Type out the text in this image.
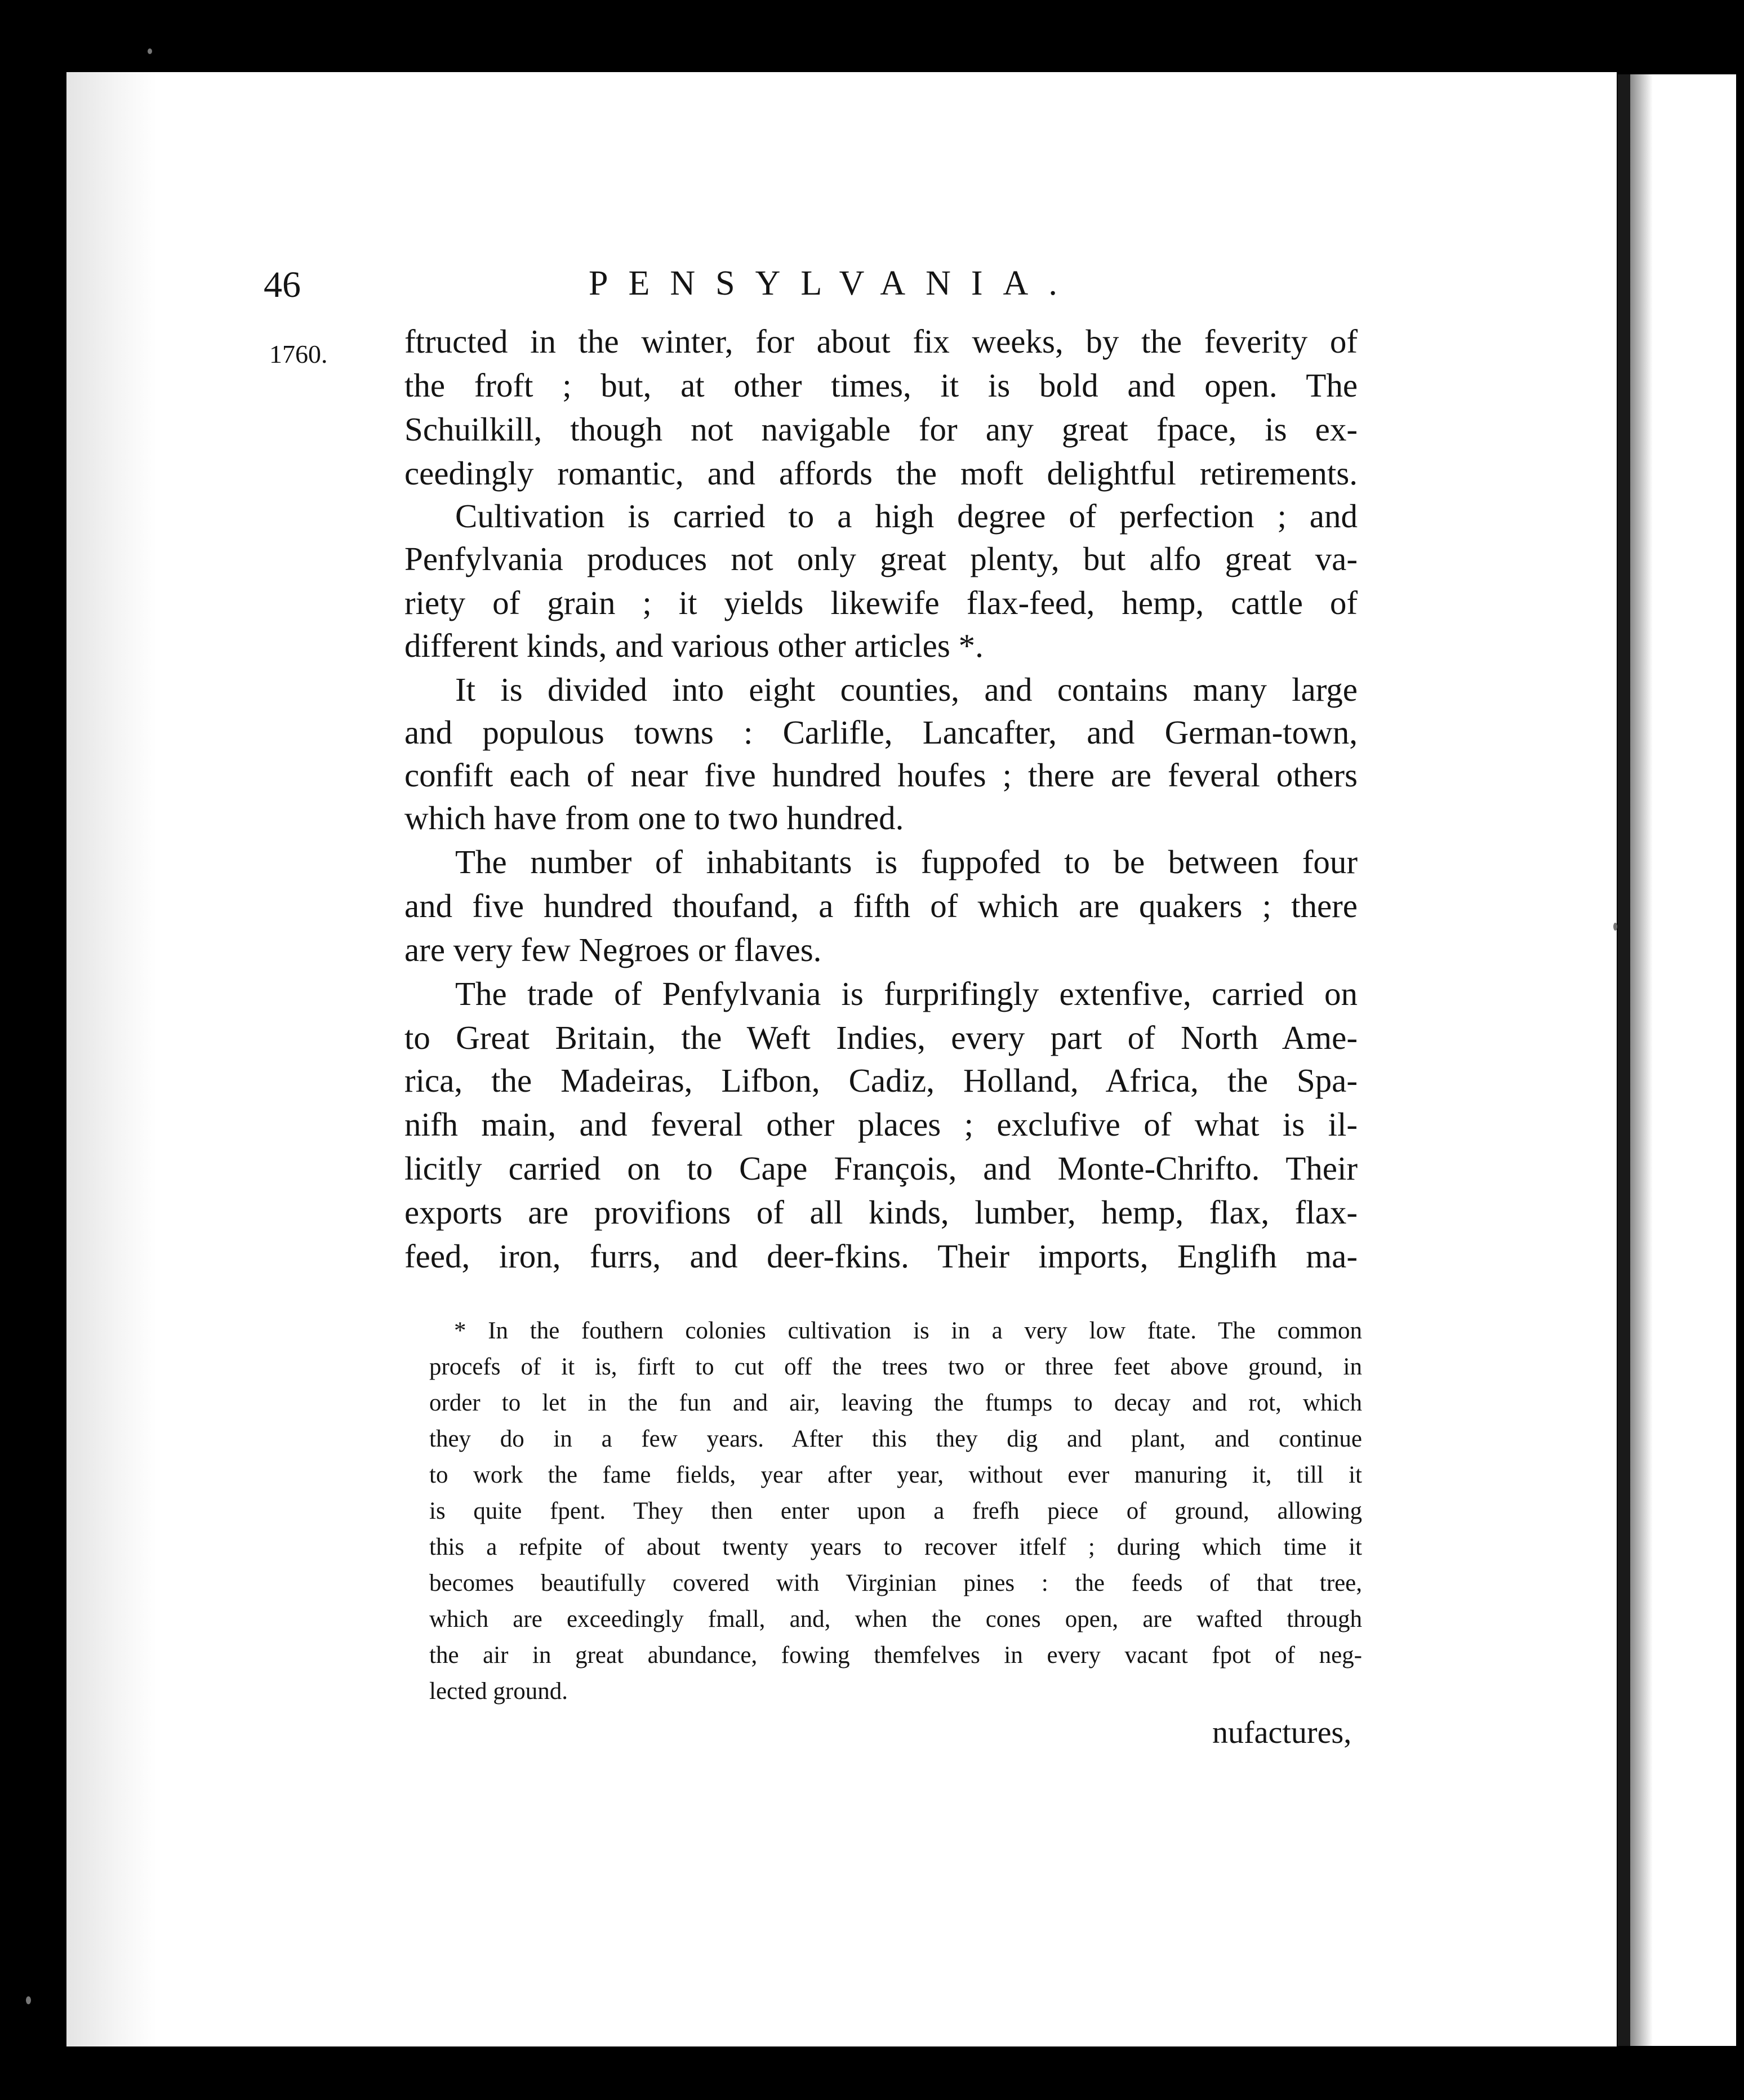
46	PENSYLVANIA.

1760. ftructed in the winter, for about fix weeks, by the feverity of

the froft ; but, at other times, it is bold and open. The

Schuilkill, though not navigable for any great fpace, is ex-

ceedingly romantic, and affords the moft delightful retirements.

Cultivation is carried to a high degree of perfection ; and

Penfylvania produces not only great plenty, but alfo great va-

riety of grain ; it yields likewife flax-feed, hemp, cattle of

different kinds, and various other articles *.

It is divided into eight counties, and contains many large

and populous towns : Carlifle, Lancafter, and German-town,

confift each of near five hundred houfes ; there are feveral others

which have from one to two hundred.

The number of inhabitants is fuppofed to be between four

and five hundred thoufand, a fifth of which are quakers ; there

are very few Negroes or flaves.

The trade of Penfylvania is furprifingly extenfive, carried on

to Great Britain, the Weft Indies, every part of North Ame-

rica, the Madeiras, Lifbon, Cadiz, Holland, Africa, the Spa-

nifh main, and feveral other places ; exclufive of what is il-

licitly carried on to Cape François, and Monte-Chrifto. Their

exports are provifions of all kinds, lumber, hemp, flax, flax-

feed, iron, furrs, and deer-fkins. Their imports, Englifh ma-

* In the fouthern colonies cultivation is in a very low ftate. The common

procefs of it is, firft to cut off the trees two or three feet above ground, in

order to let in the fun and air, leaving the ftumps to decay and rot, which

they do in a few years. After this they dig and plant, and continue

to work the fame fields, year after year, without ever manuring it, till it

is quite fpent. They then enter upon a frefh piece of ground, allowing

this a refpite of about twenty years to recover itfelf ; during which time it

becomes beautifully covered with Virginian pines : the feeds of that tree,

which are exceedingly fmall, and, when the cones open, are wafted through

the air in great abundance, fowing themfelves in every vacant fpot of neg-

lected ground.

nufactures,
